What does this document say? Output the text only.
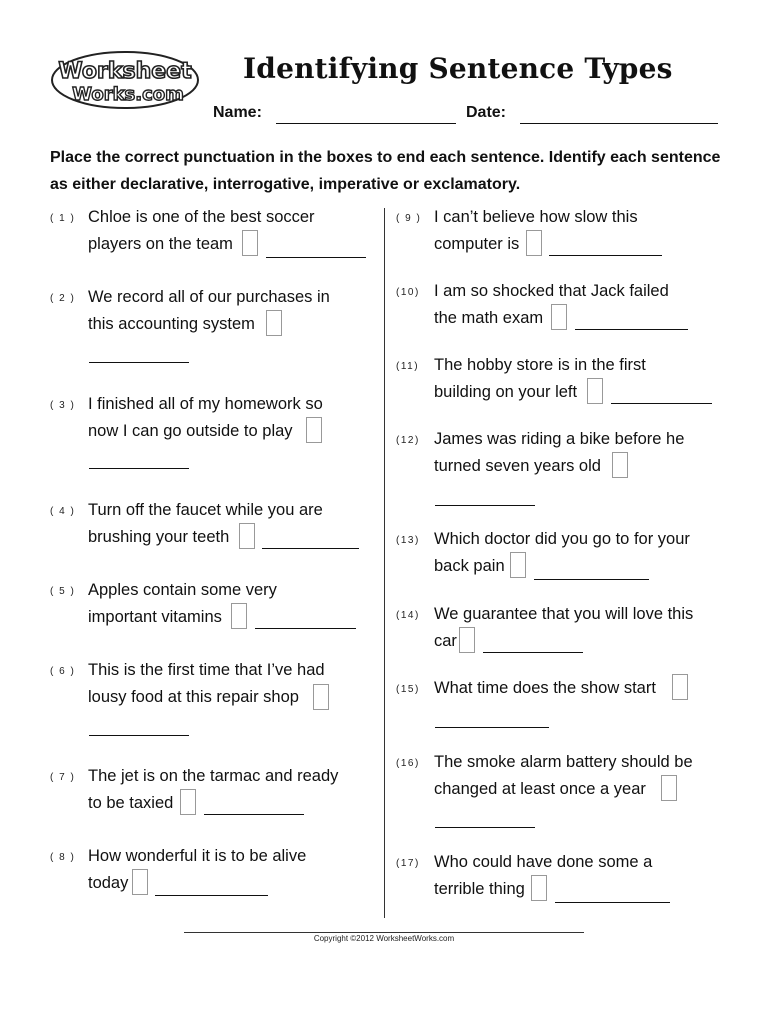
Worksheet
Works.com
Identifying Sentence Types
Name:	Date:
Place the correct punctuation in the boxes to end each sentence. Identify each sentence as either declarative, interrogative, imperative or exclamatory.
( 1 ) Chloe is one of the best soccer
players on the team
( 2 ) We record all of our purchases in
this accounting system
( 3 ) I finished all of my homework so
now I can go outside to play
( 4 ) Turn off the faucet while you are
brushing your teeth
( 5 ) Apples contain some very
important vitamins
( 6 ) This is the first time that I’ve had
lousy food at this repair shop
( 7 ) The jet is on the tarmac and ready
to be taxied
( 8 ) How wonderful it is to be alive
today
( 9 ) I can’t believe how slow this
computer is
(10) I am so shocked that Jack failed
the math exam
(11) The hobby store is in the first
building on your left
(12) James was riding a bike before he
turned seven years old
(13) Which doctor did you go to for your
back pain
(14) We guarantee that you will love this
car
(15) What time does the show start
(16) The smoke alarm battery should be
changed at least once a year
(17) Who could have done some a
terrible thing
Copyright ©2012 WorksheetWorks.com
